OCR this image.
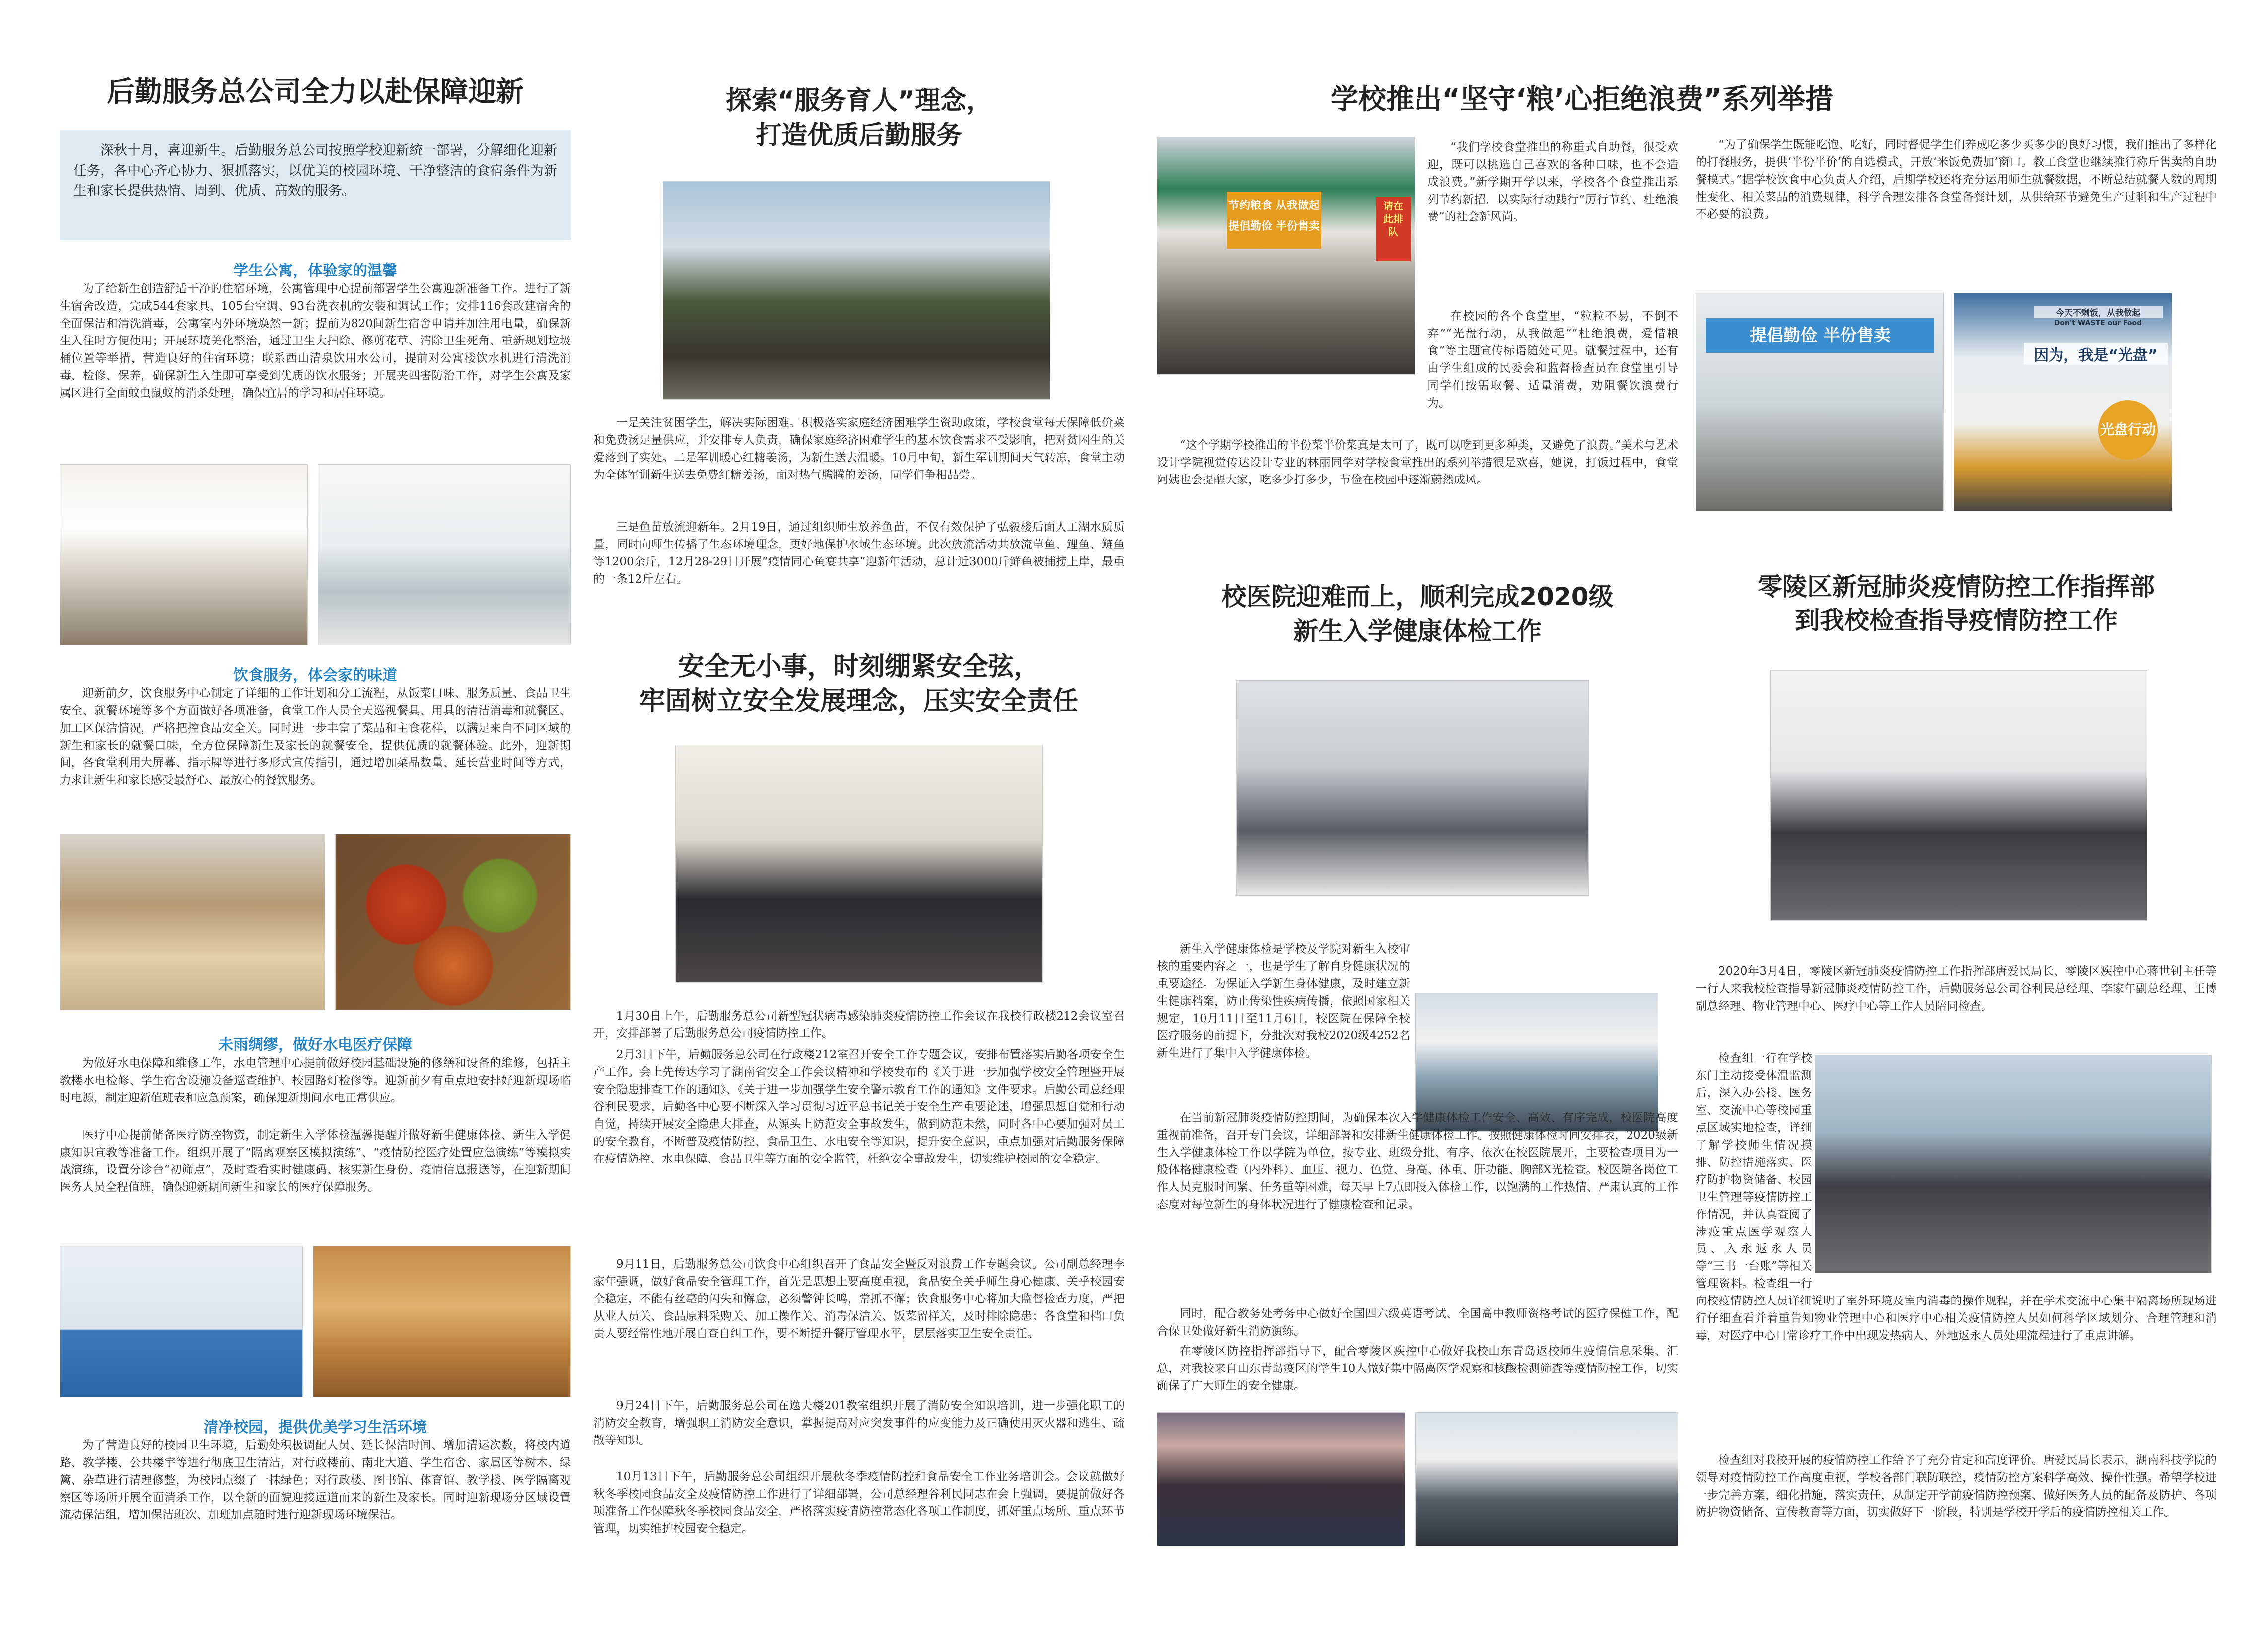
后勤服务总公司全力以赴保障迎新
深秋十月，喜迎新生。后勤服务总公司按照学校迎新统一部署，分解细化迎新任务，各中心齐心协力、狠抓落实，以优美的校园环境、干净整洁的食宿条件为新生和家长提供热情、周到、优质、高效的服务。
学生公寓，体验家的温馨
为了给新生创造舒适干净的住宿环境，公寓管理中心提前部署学生公寓迎新准备工作。进行了新生宿舍改造，完成544套家具、105台空调、93台洗衣机的安装和调试工作；安排116套改建宿舍的全面保洁和清洗消毒，公寓室内外环境焕然一新；提前为820间新生宿舍申请并加注用电量，确保新生入住时方便使用；开展环境美化整治，通过卫生大扫除、修剪花草、清除卫生死角、重新规划垃圾桶位置等举措，营造良好的住宿环境；联系西山清泉饮用水公司，提前对公寓楼饮水机进行清洗消毒、检修、保养，确保新生入住即可享受到优质的饮水服务；开展夹四害防治工作，对学生公寓及家属区进行全面蚊虫鼠蚁的消杀处理，确保宜居的学习和居住环境。
饮食服务，体会家的味道
迎新前夕，饮食服务中心制定了详细的工作计划和分工流程，从饭菜口味、服务质量、食品卫生安全、就餐环境等多个方面做好各项准备，食堂工作人员全天巡视餐具、用具的清洁消毒和就餐区、加工区保洁情况，严格把控食品安全关。同时进一步丰富了菜品和主食花样，以满足来自不同区域的新生和家长的就餐口味，全方位保障新生及家长的就餐安全，提供优质的就餐体验。此外，迎新期间，各食堂利用大屏幕、指示牌等进行多形式宣传指引，通过增加菜品数量、延长营业时间等方式，力求让新生和家长感受最舒心、最放心的餐饮服务。
未雨绸缪，做好水电医疗保障
为做好水电保障和维修工作，水电管理中心提前做好校园基础设施的修缮和设备的维修，包括主教楼水电检修、学生宿舍设施设备巡查维护、校园路灯检修等。迎新前夕有重点地安排好迎新现场临时电源，制定迎新值班表和应急预案，确保迎新期间水电正常供应。
医疗中心提前储备医疗防控物资，制定新生入学体检温馨提醒并做好新生健康体检、新生入学健康知识宣教等准备工作。组织开展了“隔离观察区模拟演练”、“疫情防控医疗处置应急演练”等模拟实战演练，设置分诊台“初筛点”，及时查看实时健康码、核实新生身份、疫情信息报送等，在迎新期间医务人员全程值班，确保迎新期间新生和家长的医疗保障服务。
清净校园，提供优美学习生活环境
为了营造良好的校园卫生环境，后勤处积极调配人员、延长保洁时间、增加清运次数，将校内道路、教学楼、公共楼宇等进行彻底卫生清洁，对行政楼前、南北大道、学生宿舍、家属区等树木、绿篱、杂草进行清理修整，为校园点缀了一抹绿色；对行政楼、图书馆、体育馆、教学楼、医学隔离观察区等场所开展全面消杀工作，以全新的面貌迎接远道而来的新生及家长。同时迎新现场分区域设置流动保洁组，增加保洁班次、加班加点随时进行迎新现场环境保洁。
探索“服务育人”理念，
打造优质后勤服务
一是关注贫困学生，解决实际困难。积极落实家庭经济困难学生资助政策，学校食堂每天保障低价菜和免费汤足量供应，并安排专人负责，确保家庭经济困难学生的基本饮食需求不受影响，把对贫困生的关爱落到了实处。二是军训暖心红糖姜汤，为新生送去温暖。10月中旬，新生军训期间天气转凉，食堂主动为全体军训新生送去免费红糖姜汤，面对热气腾腾的姜汤，同学们争相品尝。
三是鱼苗放流迎新年。2月19日，通过组织师生放养鱼苗，不仅有效保护了弘毅楼后面人工湖水质质量，同时向师生传播了生态环境理念，更好地保护水域生态环境。此次放流活动共放流草鱼、鲤鱼、鲢鱼等1200余斤，12月28-29日开展“疫情同心鱼宴共享”迎新年活动，总计近3000斤鲜鱼被捕捞上岸，最重的一条12斤左右。
安全无小事，时刻绷紧安全弦，
牢固树立安全发展理念，压实安全责任
1月30日上午，后勤服务总公司新型冠状病毒感染肺炎疫情防控工作会议在我校行政楼212会议室召开，安排部署了后勤服务总公司疫情防控工作。
2月3日下午，后勤服务总公司在行政楼212室召开安全工作专题会议，安排布置落实后勤各项安全生产工作。会上先传达学习了湖南省安全工作会议精神和学校发布的《关于进一步加强学校安全管理暨开展安全隐患排查工作的通知》、《关于进一步加强学生安全警示教育工作的通知》文件要求。后勤公司总经理谷利民要求，后勤各中心要不断深入学习贯彻习近平总书记关于安全生产重要论述，增强思想自觉和行动自觉，持续开展安全隐患大排查，从源头上防范安全事故发生，做到防范未然，同时各中心要加强对员工的安全教育，不断普及疫情防控、食品卫生、水电安全等知识，提升安全意识，重点加强对后勤服务保障在疫情防控、水电保障、食品卫生等方面的安全监管，杜绝安全事故发生，切实维护校园的安全稳定。
9月11日，后勤服务总公司饮食中心组织召开了食品安全暨反对浪费工作专题会议。公司副总经理李家年强调，做好食品安全管理工作，首先是思想上要高度重视，食品安全关乎师生身心健康、关乎校园安全稳定，不能有丝毫的闪失和懈怠，必须警钟长鸣，常抓不懈；饮食服务中心将加大监督检查力度，严把从业人员关、食品原料采购关、加工操作关、消毒保洁关、饭菜留样关，及时排除隐患；各食堂和档口负责人要经常性地开展自查自纠工作，要不断提升餐厅管理水平，层层落实卫生安全责任。
9月24日下午，后勤服务总公司在逸夫楼201教室组织开展了消防安全知识培训，进一步强化职工的消防安全教育，增强职工消防安全意识，掌握提高对应突发事件的应变能力及正确使用灭火器和逃生、疏散等知识。
10月13日下午，后勤服务总公司组织开展秋冬季疫情防控和食品安全工作业务培训会。会议就做好秋冬季校园食品安全及疫情防控工作进行了详细部署，公司总经理谷利民同志在会上强调，要提前做好各项准备工作保障秋冬季校园食品安全，严格落实疫情防控常态化各项工作制度，抓好重点场所、重点环节管理，切实维护校园安全稳定。
学校推出“坚守‘粮’心拒绝浪费”系列举措
节约粮食 从我做起
提倡勤俭 半份售卖
请在此排队
“我们学校食堂推出的称重式自助餐，很受欢迎，既可以挑选自己喜欢的各种口味，也不会造成浪费。”新学期开学以来，学校各个食堂推出系列节约新招，以实际行动践行“厉行节约、杜绝浪费”的社会新风尚。
在校园的各个食堂里，“粒粒不易，不倒不弃”“光盘行动，从我做起”“杜绝浪费，爱惜粮食”等主题宣传标语随处可见。就餐过程中，还有由学生组成的民委会和监督检查员在食堂里引导同学们按需取餐、适量消费，劝阻餐饮浪费行为。
“这个学期学校推出的半份菜半价菜真是太可了，既可以吃到更多种类，又避免了浪费。”美术与艺术设计学院视觉传达设计专业的林丽同学对学校食堂推出的系列举措很是欢喜，她说，打饭过程中，食堂阿姨也会提醒大家，吃多少打多少，节俭在校园中逐渐蔚然成风。
“为了确保学生既能吃饱、吃好，同时督促学生们养成吃多少买多少的良好习惯，我们推出了多样化的打餐服务，提供‘半份半价’的自选模式，开放‘米饭免费加’窗口。教工食堂也继续推行称斤售卖的自助餐模式。”据学校饮食中心负责人介绍，后期学校还将充分运用师生就餐数据，不断总结就餐人数的周期性变化、相关菜品的消费规律，科学合理安排各食堂备餐计划，从供给环节避免生产过剩和生产过程中不必要的浪费。
提倡勤俭 半份售卖
今天不剩饭，从我做起
Don't WASTE our Food
因为，我是“光盘”
光盘行动
校医院迎难而上，顺利完成2020级
新生入学健康体检工作
新生入学健康体检是学校及学院对新生入校审核的重要内容之一，也是学生了解自身健康状况的重要途径。为保证入学新生身体健康，及时建立新生健康档案，防止传染性疾病传播，依照国家相关规定，10月11日至11月6日，校医院在保障全校医疗服务的前提下，分批次对我校2020级4252名新生进行了集中入学健康体检。
在当前新冠肺炎疫情防控期间，为确保本次入学健康体检工作安全、高效、有序完成，校医院高度重视前准备，召开专门会议，详细部署和安排新生健康体检工作。按照健康体检时间安排表，2020级新生入学健康体检工作以学院为单位，按专业、班级分批、有序、依次在校医院展开，主要检查项目为一般体格健康检查（内外科）、血压、视力、色觉、身高、体重、肝功能、胸部X光检查。校医院各岗位工作人员克服时间紧、任务重等困难，每天早上7点即投入体检工作，以饱满的工作热情、严肃认真的工作态度对每位新生的身体状况进行了健康检查和记录。
同时，配合教务处考务中心做好全国四六级英语考试、全国高中教师资格考试的医疗保健工作，配合保卫处做好新生消防演练。
在零陵区防控指挥部指导下，配合零陵区疾控中心做好我校山东青岛返校师生疫情信息采集、汇总，对我校来自山东青岛疫区的学生10人做好集中隔离医学观察和核酸检测筛查等疫情防控工作，切实确保了广大师生的安全健康。
零陵区新冠肺炎疫情防控工作指挥部
到我校检查指导疫情防控工作
2020年3月4日，零陵区新冠肺炎疫情防控工作指挥部唐爱民局长、零陵区疾控中心蒋世钊主任等一行人来我校检查指导新冠肺炎疫情防控工作，后勤服务总公司谷利民总经理、李家年副总经理、王博副总经理、物业管理中心、医疗中心等工作人员陪同检查。
检查组一行在学校东门主动接受体温监测后，深入办公楼、医务室、交流中心等校园重点区域实地检查，详细了解学校师生情况摸排、防控措施落实、医疗防护物资储备、校园卫生管理等疫情防控工作情况，并认真查阅了涉疫重点医学观察人员、入永返永人员等“三书一台账”等相关管理资料。检查组一行向校疫情防控人员详细说明了室外环境及室内消毒的操作规程，并在学术交流中心集中隔离场所现场进行仔细查看并着重告知物业管理中心和医疗中心相关疫情防控人员如何科学区域划分、合理管理和消毒，对医疗中心日常诊疗工作中出现发热病人、外地返永人员处理流程进行了重点讲解。
检查组对我校开展的疫情防控工作给予了充分肯定和高度评价。唐爱民局长表示，湖南科技学院的领导对疫情防控工作高度重视，学校各部门联防联控，疫情防控方案科学高效、操作性强。希望学校进一步完善方案，细化措施，落实责任，从制定开学前疫情防控预案、做好医务人员的配备及防护、各项防护物资储备、宣传教育等方面，切实做好下一阶段，特别是学校开学后的疫情防控相关工作。
